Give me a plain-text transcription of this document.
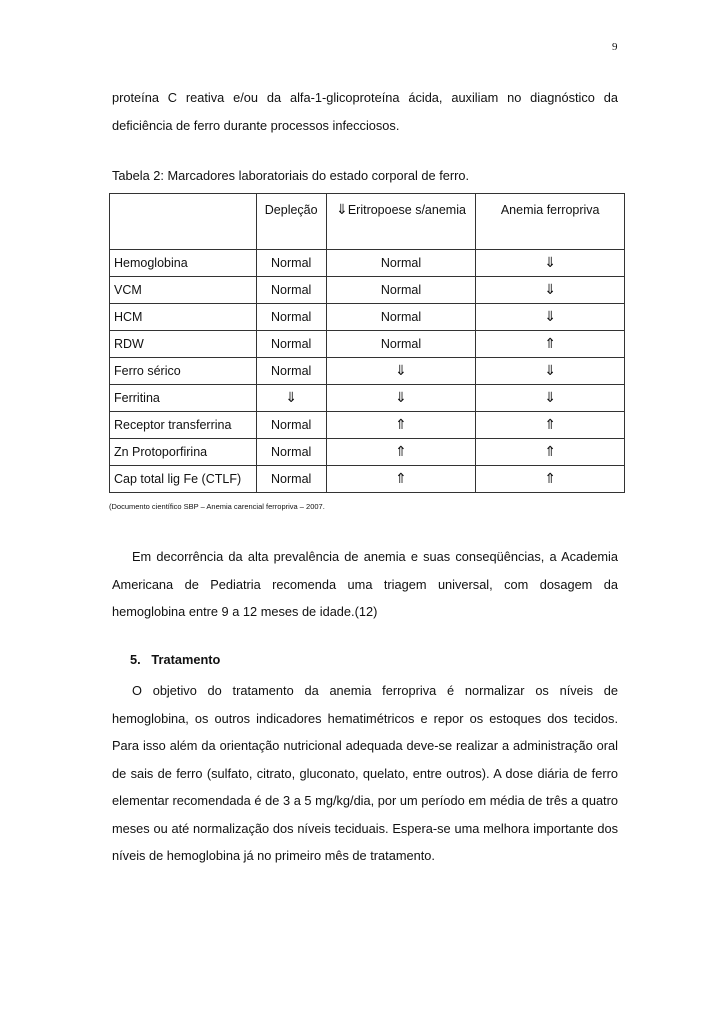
9

proteína C reativa e/ou da alfa-1-glicoproteína ácida, auxiliam no diagnóstico da deficiência de ferro durante processos infecciosos.

Tabela 2: Marcadores laboratoriais do estado corporal de ferro.

	Depleção	⇓Eritropoese s/anemia	Anemia ferropriva
Hemoglobina	Normal	Normal	⇓
VCM	Normal	Normal	⇓
HCM	Normal	Normal	⇓
RDW	Normal	Normal	⇑
Ferro sérico	Normal	⇓	⇓
Ferritina	⇓	⇓	⇓
Receptor transferrina	Normal	⇑	⇑
Zn Protoporfirina	Normal	⇑	⇑
Cap total lig Fe (CTLF)	Normal	⇑	⇑

(Documento científico SBP – Anemia carencial ferropriva – 2007.

Em decorrência da alta prevalência de anemia e suas conseqüências, a Academia Americana de Pediatria recomenda uma triagem universal, com dosagem da hemoglobina entre 9 a 12 meses de idade.(12)

5. Tratamento

O objetivo do tratamento da anemia ferropriva é normalizar os níveis de hemoglobina, os outros indicadores hematimétricos e repor os estoques dos tecidos. Para isso além da orientação nutricional adequada deve-se realizar a administração oral de sais de ferro (sulfato, citrato, gluconato, quelato, entre outros). A dose diária de ferro elementar recomendada é de 3 a 5 mg/kg/dia, por um período em média de três a quatro meses ou até normalização dos níveis teciduais. Espera-se uma melhora importante dos níveis de hemoglobina já no primeiro mês de tratamento.
